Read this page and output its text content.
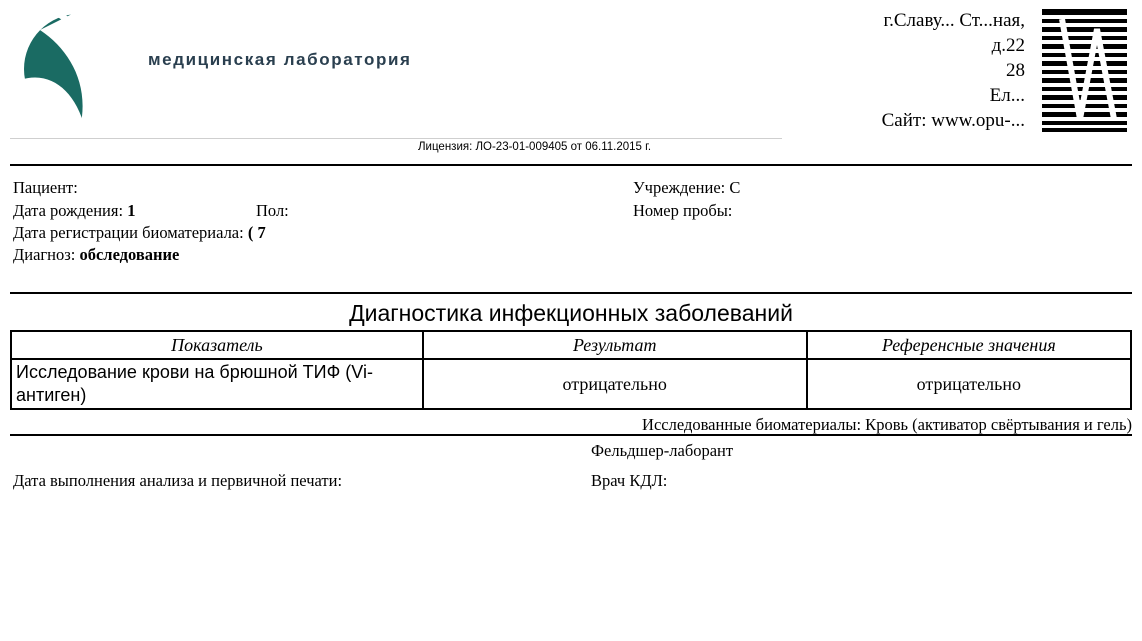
медицинская лаборатория
Лицензия: ЛО-23-01-009405 от 06.11.2015 г.
г.Славу... Ст...ная,
д.22
28
Ел...
Сайт: www.opu-...
Пациент:
Дата рождения: 1	Пол:
Дата регистрации биоматериала: ( 7
Диагноз: обследование
Учреждение: С
Номер пробы:
Диагностика инфекционных заболеваний
Показатель	Результат	Референсные значения
Исследование крови на брюшной ТИФ (Vi-антиген)	отрицательно	отрицательно
Исследованные биоматериалы: Кровь (активатор свёртывания и гель)
Фельдшер-лаборант
Дата выполнения анализа и первичной печати:	Врач КДЛ:
